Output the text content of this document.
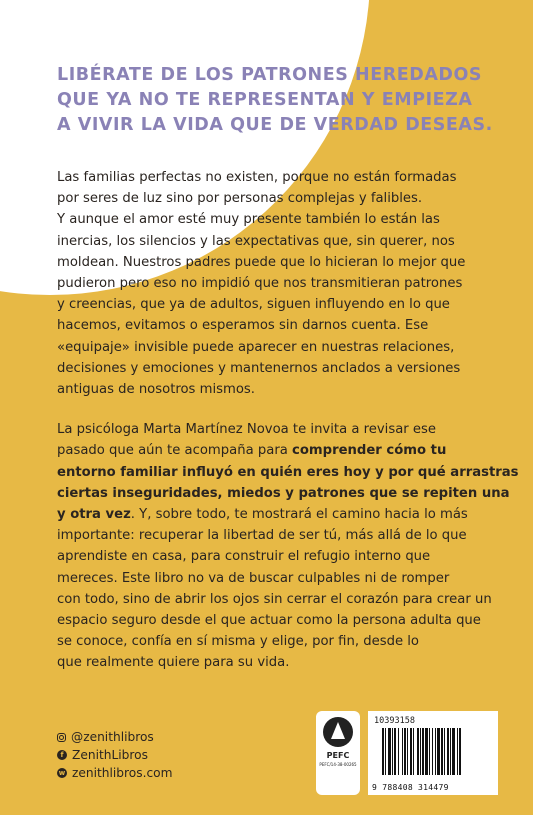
LIBÉRATE DE LOS PATRONES HEREDADOS
QUE YA NO TE REPRESENTAN Y EMPIEZA
A VIVIR LA VIDA QUE DE VERDAD DESEAS.

Las familias perfectas no existen, porque no están formadas
por seres de luz sino por personas complejas y falibles.
Y aunque el amor esté muy presente también lo están las
inercias, los silencios y las expectativas que, sin querer, nos
moldean. Nuestros padres puede que lo hicieran lo mejor que
pudieron pero eso no impidió que nos transmitieran patrones
y creencias, que ya de adultos, siguen influyendo en lo que
hacemos, evitamos o esperamos sin darnos cuenta. Ese
«equipaje» invisible puede aparecer en nuestras relaciones,
decisiones y emociones y mantenernos anclados a versiones
antiguas de nosotros mismos.

La psicóloga Marta Martínez Novoa te invita a revisar ese
pasado que aún te acompaña para comprender cómo tu
entorno familiar influyó en quién eres hoy y por qué arrastras
ciertas inseguridades, miedos y patrones que se repiten una
y otra vez. Y, sobre todo, te mostrará el camino hacia lo más
importante: recuperar la libertad de ser tú, más allá de lo que
aprendiste en casa, para construir el refugio interno que
mereces. Este libro no va de buscar culpables ni de romper
con todo, sino de abrir los ojos sin cerrar el corazón para crear un
espacio seguro desde el que actuar como la persona adulta que
se conoce, confía en sí misma y elige, por fin, desde lo
que realmente quiere para su vida.

@zenithlibros
f ZenithLibros
w zenithlibros.com
PEFC
PEFC/14-38-00265
10393158
9 788408 314479
